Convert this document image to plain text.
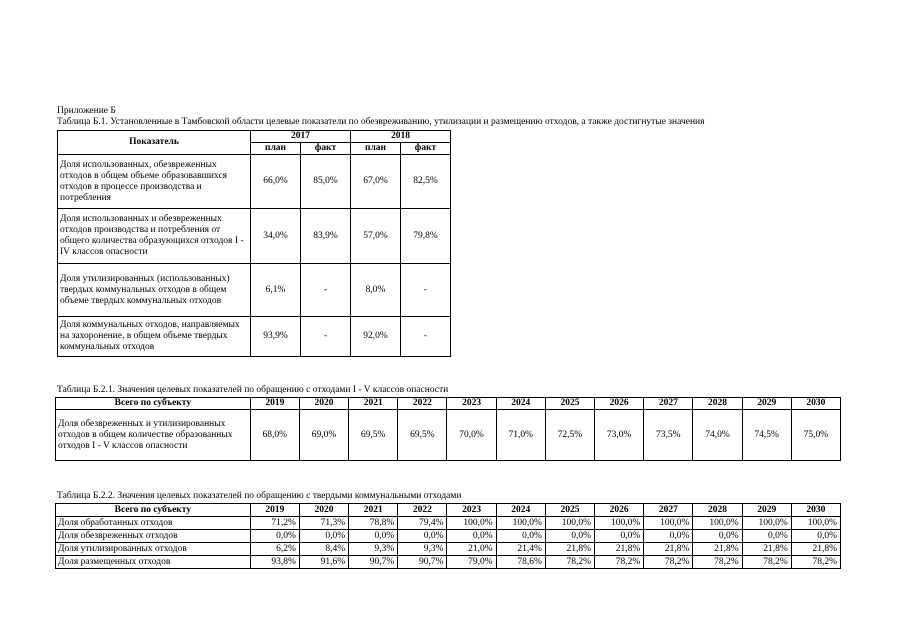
Приложение Б
Таблица Б.1. Установленные в Тамбовской области целевые показатели по обезвреживанию, утилизации и размещению отходов, а также достигнутые значения
Показатель	2017		2018	
	план	факт	план	факт
Доля использованных, обезвреженных отходов в общем объеме образовавшихся отходов в процессе производства и потребления	66,0%	85,0%	67,0%	82,5%
Доля использованных и обезвреженных отходов производства и потребления от общего количества образующихся отходов I - IV классов опасности	34,0%	83,9%	57,0%	79,8%
Доля утилизированных (использованных) твердых коммунальных отходов в общем объеме твердых коммунальных отходов	6,1%	-	8,0%	-
Доля коммунальных отходов, направляемых на захоронение, в общем объеме твердых коммунальных отходов	93,9%	-	92,0%	-
Таблица Б.2.1. Значения целевых показателей по обращению с отходами I - V классов опасности
Всего по субъекту	2019	2020	2021	2022	2023	2024	2025	2026	2027	2028	2029	2030
Доля обезвреженных и утилизированных отходов в общем количестве образованных отходов I - V классов опасности	68,0%	69,0%	69,5%	69,5%	70,0%	71,0%	72,5%	73,0%	73,5%	74,0%	74,5%	75,0%
Таблица Б.2.2. Значения целевых показателей по обращению с твердыми коммунальными отходами
Всего по субъекту	2019	2020	2021	2022	2023	2024	2025	2026	2027	2028	2029	2030
Доля обработанных отходов	71,2%	71,3%	78,8%	79,4%	100,0%	100,0%	100,0%	100,0%	100,0%	100,0%	100,0%	100,0%
Доля обезвреженных отходов	0,0%	0,0%	0,0%	0,0%	0,0%	0,0%	0,0%	0,0%	0,0%	0,0%	0,0%	0,0%
Доля утилизированных отходов	6,2%	8,4%	9,3%	9,3%	21,0%	21,4%	21,8%	21,8%	21,8%	21,8%	21,8%	21,8%
Доля размещенных отходов	93,8%	91,6%	90,7%	90,7%	79,0%	78,6%	78,2%	78,2%	78,2%	78,2%	78,2%	78,2%
